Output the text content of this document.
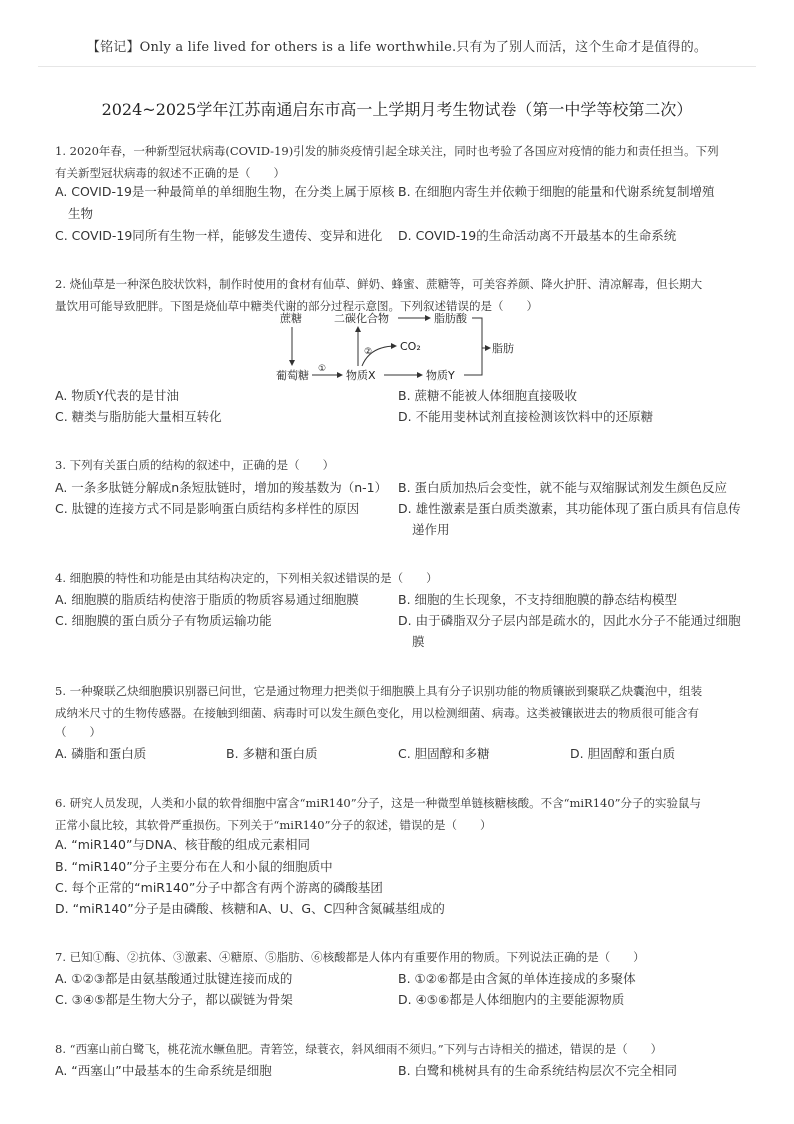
【铭记】Only a life lived for others is a life worthwhile.只有为了别人而活，这个生命才是值得的。
2024~2025学年江苏南通启东市高一上学期月考生物试卷（第一中学等校第二次）
1. 2020年春，一种新型冠状病毒(COVID-19)引发的肺炎疫情引起全球关注，同时也考验了各国应对疫情的能力和责任担当。下列
有关新型冠状病毒的叙述不正确的是（　　）
A. COVID-19是一种最简单的单细胞生物，在分类上属于原核
生物
B. 在细胞内寄生并依赖于细胞的能量和代谢系统复制增殖
C. COVID-19同所有生物一样，能够发生遗传、变异和进化 D. COVID-19的生命活动离不开最基本的生命系统
2. 烧仙草是一种深色胶状饮料，制作时使用的食材有仙草、鲜奶、蜂蜜、蔗糖等，可美容养颜、降火护肝、清凉解毒，但长期大
量饮用可能导致肥胖。下图是烧仙草中糖类代谢的部分过程示意图。下列叙述错误的是（　　）
蔗糖	二碳化合物	脂肪酸
葡萄糖	物质X	物质Y
脂肪
CO₂
①
②
A. 物质Y代表的是甘油	B. 蔗糖不能被人体细胞直接吸收
C. 糖类与脂肪能大量相互转化	D. 不能用斐林试剂直接检测该饮料中的还原糖
3. 下列有关蛋白质的结构的叙述中，正确的是（　　）
A. 一条多肽链分解成n条短肽链时，增加的羧基数为（n-1） B. 蛋白质加热后会变性，就不能与双缩脲试剂发生颜色反应
C. 肽键的连接方式不同是影响蛋白质结构多样性的原因	D. 雄性激素是蛋白质类激素，其功能体现了蛋白质具有信息传
递作用
4. 细胞膜的特性和功能是由其结构决定的，下列相关叙述错误的是（　　）
A. 细胞膜的脂质结构使溶于脂质的物质容易通过细胞膜	B. 细胞的生长现象，不支持细胞膜的静态结构模型
C. 细胞膜的蛋白质分子有物质运输功能	D. 由于磷脂双分子层内部是疏水的，因此水分子不能通过细胞
膜
5. 一种聚联乙炔细胞膜识别器已问世，它是通过物理力把类似于细胞膜上具有分子识别功能的物质镶嵌到聚联乙炔囊泡中，组装
成纳米尺寸的生物传感器。在接触到细菌、病毒时可以发生颜色变化，用以检测细菌、病毒。这类被镶嵌进去的物质很可能含有
（　　）
A. 磷脂和蛋白质	B. 多糖和蛋白质	C. 胆固醇和多糖	D. 胆固醇和蛋白质
6. 研究人员发现，人类和小鼠的软骨细胞中富含“miR140”分子，这是一种微型单链核糖核酸。不含“miR140”分子的实验鼠与
正常小鼠比较，其软骨严重损伤。下列关于“miR140”分子的叙述，错误的是（　　）
A. “miR140”与DNA、核苷酸的组成元素相同
B. “miR140”分子主要分布在人和小鼠的细胞质中
C. 每个正常的“miR140”分子中都含有两个游离的磷酸基团
D. “miR140”分子是由磷酸、核糖和A、U、G、C四种含氮碱基组成的
7. 已知①酶、②抗体、③激素、④糖原、⑤脂肪、⑥核酸都是人体内有重要作用的物质。下列说法正确的是（　　）
A. ①②③都是由氨基酸通过肽键连接而成的	B. ①②⑥都是由含氮的单体连接成的多聚体
C. ③④⑤都是生物大分子，都以碳链为骨架	D. ④⑤⑥都是人体细胞内的主要能源物质
8. “西塞山前白鹭飞，桃花流水鳜鱼肥。青箬笠，绿蓑衣，斜风细雨不须归。”下列与古诗相关的描述，错误的是（　　）
A. “西塞山”中最基本的生命系统是细胞	B. 白鹭和桃树具有的生命系统结构层次不完全相同
